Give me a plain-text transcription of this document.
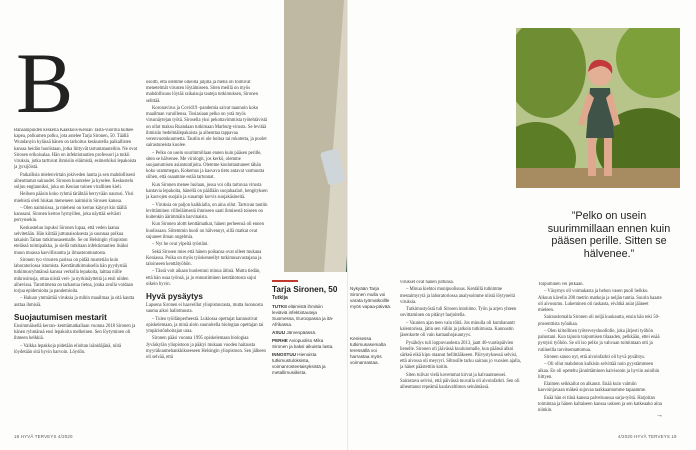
B

Banaanipuiden keskellä Kaakkois-Kenian Tasta-vuorilla kulkee kapea, polkumen polku, jota astelee Tarja Sironen, 50. Täällä Wundanyin kylässä hänen on tarkoitus keskustella paikallisten kanssa heidän huolistaan, jotka liittyvät tartuntatauteihin. Ne ovat Sirosen erikoisalaa. Hän on infektiotautien professori ja tutkii viruksia, jotka tarttuvat ihmisiin eläimistä, esimerkiksi lepakoista ja jyrsijöistä.

Paikallisia mielenvirtain jokiveden lautta ja sen mahdollisesti aiheuttamat sairaudet. Sironen kuuntelee ja kyselee. Keskustelu soljuu englanniksi, joka on Kenian toinen virallinen kieli.

Heiluen pääsin koko ryhmä tärähtää herryvään naurusi. Yksi miehistä oleti hiukan meneneen naimisiin Sirosen kanssa.

– Olen naimisissa, ja mieheni on kerran käynyt kin täällä kanssani. Sironen kertoo hymyillen, joka näyttää selvästi perrynsekin.

Keskustelun lopuksi Sironen lupaa, että veden laatua selvitetään. Hän kiittää juttunaisoksesta ja suunnaa polkua takaisin Taitan tutkimusasemalle. Se on Helsingin yliopiston etelässä toimipaikka, jo siellä tutkitaan infektiotautien lisäksi muun muassa kasvillisuutta ja ilmastonmuutosta.

Sironen tyo virusten parissa on pidää mustetiän kuin laboratoriossa istumista. Kenttätutkimuksella hän pyydystää tutkimusryhmänsä kanssa verkolla lepakoita, laittaa niille mikrosirusja, ottaa niistä veri- ja nyrkinäytteitä ja etsii niiden aihevissa. Tarottimena on tarkastua tietoa, jonka avulla voidaan torjua epidemioita ja pandemioita.

– Haluan ymmärtää viruksia ja mihin maailmaa ja sitä kautta auttaa ihmisiä.

Suojautumisen mestarit

Ensimmäisellä kerran- kenttämatkallaan vuonna 2018 Sironen ja hänen ryhmänsä ensi lepakoita melkeinen. Sen löytyminen oli ihmeen helkkiä.

– Valkka lepakkoja pidetään elioltan isänidäjänä, niitä löydetään sitä hyvin harvoin. Löydön.

osoitti, että olemme oikeilla jäljillä ja mellä oli toimivat menetelmät virusten löytämiseen. Siten meillä on myös mahdollisuus löytää raikaisuja tauteja tutkimuksen, Sironen selittää.

Koronavirus ja Covid19 -pandemia saivat taannoin koko maailman varuillensa. Tosiasiaan pelko on ystä myös virusnäytejan työtä. Sirosella yksi pekottavimmista työtehtävistä on ollut maksu Ruandaan tutkimaan Marburg-virusta. Se levitää ihmisiin hedelmälepakoista ja aiheuttaa tappavaa verenvuotokuumetta. Tautiin ei ole hoitoa tai rokotetta, ja puolet sairastuneista kuolee.

– Pelko on usein suurimmillaan ennen kuin pääsen perille, siten se hälvenee. Me virologit, jos kerkö, olemme suojautumisen asiantuntijoita. Olemme kouluttautuneet tähän koko urammegan. Kokemus ja kasvava tieto antavat varmuutta siihen, että osaamme estää tartunnat.

Kun Sironen menee luolaan, jossa voi olla tartuvaa virusta kantavia lepakoita, hänellä on päällään suojahaalari, hengityksen ja kasvojen suojain ja suuampi korvis suojakäsineitä.

– Viruksia on paljon kaikkialla, on aina ollut. Tartuvan tautiin levittäminen villieläimestä ihmiseen saati ihmisestä toiseen on kuitenkin äärimmäin harvinaista.

Kun Sironen alottt kenttämatkat, hänen perheensä oli ennen huolissaan. Siitemmin huoli on hälvennyt, sillä matkat ovat sujuneet ilman ongelmia.

– Nyt he ovat ylpeitä työstäni.

Sekä Sirosen mies että hänen poikansa ovat olleet mukana Keniassa. Poika on myös työskennellyt tutkimusavustajana ja taloinseen kenttätyöhön.

– Tässä voit aikaan huolestuni minua äitinä. Mutta tiedän, että hän osaa työnsä, ja jo ennustiminen kenttätotosta sujui oikein hyvin.

Hyvä pysäytys

Lapsena Sironen ei haaveillut yliopistourasta, mutta luonnosta sauma aikoi hallottuusta.

– Tuleo työllänperheestä. Lukiossa opettajat kannustivat opiskelemaan, ja minä aloin suunnitella biologian opettajan tai ympäristönhoitajan uraa.

Sironen pääsi vuonna 1995 opiskelemaan biologiaa Jyväskylän yliopistoon ja päätyi mukaan vuoden haitausta myyräkuumehankkikseeseen Helsingin yliopistoon. Sen jälkeen oli selvää, että

Tarja Sironen, 50
Tutkija
TUTKII eläimistä ihmisiin leviäviä infektiotauteja Suomessa, Euroopassa ja itä-Afrikassa.
ASUU Järvenpäässä.
PERHE Aviopuoliso Mika Sironen ja kaksi aikuista lasta.
INNOSTUU Hienoista tutkimustuloksista, voimanrosteetaisyksistä ja metallimusiikista.
Nykyään Tarja Sironen mulla voi varata työmatkoillle myös vapaa-päivää.
Kenisessa tutkimusasemalta teressällä voi harrastaa myös voimanrastaa.

virukset ovat hänen juttunsa.

– Minua kiehtoi monipuolisuus. Kentällä tutkimme mestaimyrytä ja laboratoriossa analysoimme niistä löytyneitä viruksia.

Tutkimustyöstä tuli Sirosen intohimo. Työn ja arjen yhteen sovittaminen on pitänyt harjoitella.

– Vaunien ajan teen vain töitä. Jos minulla oli kumbanantt kalentorissa, jätin sen väliin ja jatkoin tutkimusta. Kannustin jäsenkorte oli vain kamauhojauunyys.

Pysähdys tuli loppuvuodesta 2013, jaatt 40-vuotispäivien lienelle. Sironen oli jäävässä kuuluiomalle, kun päänsä alkoi särkeä eikä kipu otaanut hellittääkseen. Päivystyksessä selvisi, että aivossa oli meyryri. Siltosille tarku sairaus jo vuosien ajalla, ja hänet päästettiin koitin.

Siten tulivat vielä kovemmat kirvat ja halvaantuessei. Sairastava selvisi, että päivässä tuuvalla oli aivoinfarkti. Sen oli aiheuttanut repeämä kaulavaltimon seinämässä.

”Pelko on usein suurimmillaan ennen kuin pääsen perille. Sitten se hälvenee.”

Toipuminen vei pitkään.

– Väsymys oli voimakasta ja hehon vasen puoli heikko. Alkuun kävelin 200 metrin matkoja ja neljän tuntia. Suurin haaste oli aivosumu. Lukeminen oli raskasta, eivätkä asiat jääneet mieleen.

Sairauslomalla Sironen oli neljä kuukautta, ensin hän teki 50-prosenttista työaikaa.

– Olen kiitollinen työterveyshuollolle, joka järjesti työhön paluutani. Kun tajuoin toipumisen tilaaaden, pelkkään, ettei enää pystyisi työhön. Se oli iso pelko ja vahvaan toimintaan otti ja rutiineilla tarvitsemattomua.

Sironen sanoo nyt, että aivoinfarkti oli hyvä pysähtys.

– Oli ollut mahdoton kulkisin selvittää noin pyystämmeen aikaa. En oli opeteltu jännittäminen kaivisonin ja hyviin asioihin liittyen.

Elaimen seikkailut on alkanut. Enää kuin valmiin kasvoinjavaan mäkeä sujuvaa taakkaamomme tapaamme.

Enää hän ei tiinä kanssa palvelsuussa sarja-työtä. Harjoitan toimintaa ja hänen kaltaiseen kanssa uskoen ja sen katkeaako aina niinkin.

→
18 HYVÄ TERVEYS 4/2020	4/2020 HYVÄ TERVEYS 19
